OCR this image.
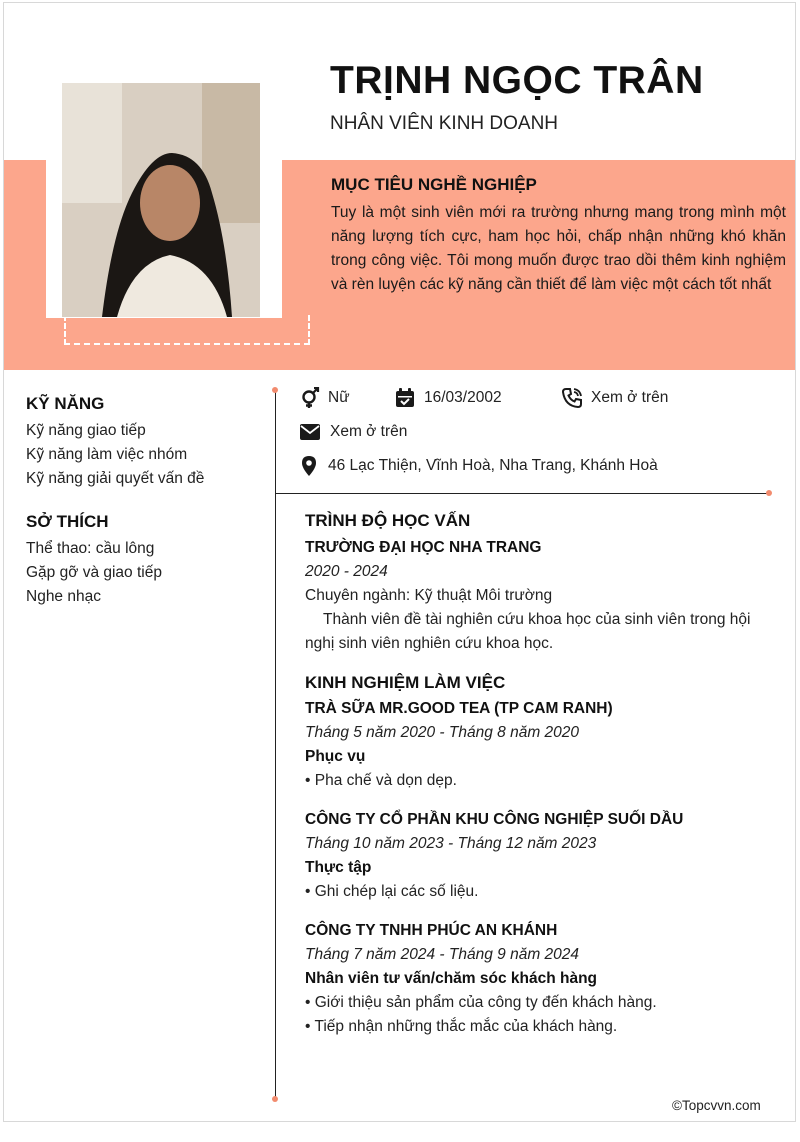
TRỊNH NGỌC TRÂN
NHÂN VIÊN KINH DOANH
MỤC TIÊU NGHỀ NGHIỆP
Tuy là một sinh viên mới ra trường nhưng mang trong mình một năng lượng tích cực, ham học hỏi, chấp nhận những khó khăn trong công việc. Tôi mong muốn được trao dồi thêm kinh nghiệm và rèn luyện các kỹ năng cần thiết để làm việc một cách tốt nhất
KỸ NĂNG
Kỹ năng giao tiếp
Kỹ năng làm việc nhóm
Kỹ năng giải quyết vấn đề
SỞ THÍCH
Thể thao: cầu lông
Gặp gỡ và giao tiếp
Nghe nhạc
Nữ	16/03/2002	Xem ở trên
Xem ở trên
46 Lạc Thiện, Vĩnh Hoà, Nha Trang, Khánh Hoà
TRÌNH ĐỘ HỌC VẤN
TRƯỜNG ĐẠI HỌC NHA TRANG
2020 - 2024
Chuyên ngành: Kỹ thuật Môi trường
Thành viên đề tài nghiên cứu khoa học của sinh viên trong hội
nghị sinh viên nghiên cứu khoa học.
KINH NGHIỆM LÀM VIỆC
TRÀ SỮA MR.GOOD TEA (TP CAM RANH)
Tháng 5 năm 2020 - Tháng 8 năm 2020
Phục vụ
• Pha chế và dọn dẹp.
CÔNG TY CỔ PHẦN KHU CÔNG NGHIỆP SUỐI DẦU
Tháng 10 năm 2023 - Tháng 12 năm 2023
Thực tập
• Ghi chép lại các số liệu.
CÔNG TY TNHH PHÚC AN KHÁNH
Tháng 7 năm 2024 - Tháng 9 năm 2024
Nhân viên tư vấn/chăm sóc khách hàng
• Giới thiệu sản phẩm của công ty đến khách hàng.
• Tiếp nhận những thắc mắc của khách hàng.
©Topcvvn.com
